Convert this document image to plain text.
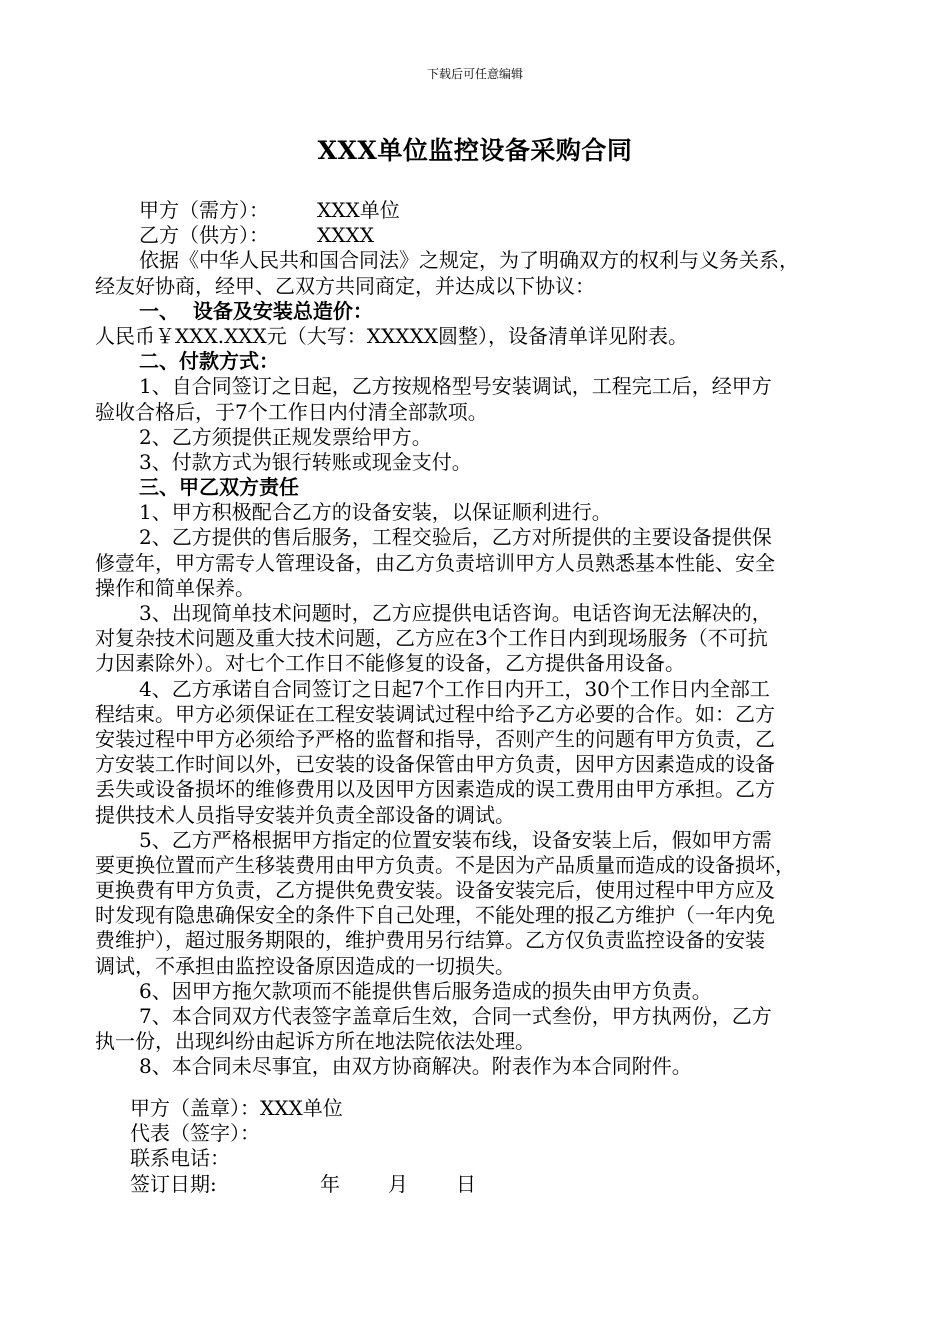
下载后可任意编辑
XXX单位监控设备采购合同
甲方（需方）： XXX单位
乙方（供方）： XXXX
依据《中华人民共和国合同法》之规定，为了明确双方的权利与义务关系，
经友好协商，经甲、乙双方共同商定，并达成以下协议：
一、  设备及安装总造价：
人民币￥XXX.XXX元（大写：XXXXX圆整），设备清单详见附表。
二、付款方式：
1、自合同签订之日起，乙方按规格型号安装调试，工程完工后，经甲方
验收合格后，于7个工作日内付清全部款项。
2、乙方须提供正规发票给甲方。
3、付款方式为银行转账或现金支付。
三、甲乙双方责任
1、甲方积极配合乙方的设备安装，以保证顺利进行。
2、乙方提供的售后服务，工程交验后，乙方对所提供的主要设备提供保
修壹年，甲方需专人管理设备，由乙方负责培训甲方人员熟悉基本性能、安全
操作和简单保养。
3、出现简单技术问题时，乙方应提供电话咨询。电话咨询无法解决的，
对复杂技术问题及重大技术问题，乙方应在3个工作日内到现场服务（不可抗
力因素除外）。对七个工作日不能修复的设备，乙方提供备用设备。
4、乙方承诺自合同签订之日起7个工作日内开工，30个工作日内全部工
程结束。甲方必须保证在工程安装调试过程中给予乙方必要的合作。如：乙方
安装过程中甲方必须给予严格的监督和指导，否则产生的问题有甲方负责，乙
方安装工作时间以外，已安装的设备保管由甲方负责，因甲方因素造成的设备
丢失或设备损坏的维修费用以及因甲方因素造成的误工费用由甲方承担。乙方
提供技术人员指导安装并负责全部设备的调试。
5、乙方严格根据甲方指定的位置安装布线，设备安装上后，假如甲方需
要更换位置而产生移装费用由甲方负责。不是因为产品质量而造成的设备损坏，
更换费有甲方负责，乙方提供免费安装。设备安装完后，使用过程中甲方应及
时发现有隐患确保安全的条件下自己处理，不能处理的报乙方维护（一年内免
费维护），超过服务期限的，维护费用另行结算。乙方仅负责监控设备的安装
调试，不承担由监控设备原因造成的一切损失。
6、因甲方拖欠款项而不能提供售后服务造成的损失由甲方负责。
7、本合同双方代表签字盖章后生效，合同一式叁份，甲方执两份，乙方
执一份，出现纠纷由起诉方所在地法院依法处理。
8、本合同未尽事宜，由双方协商解决。附表作为本合同附件。
甲方（盖章）：XXX单位
代表（签字）：
联系电话：
签订日期:	年 月 日
